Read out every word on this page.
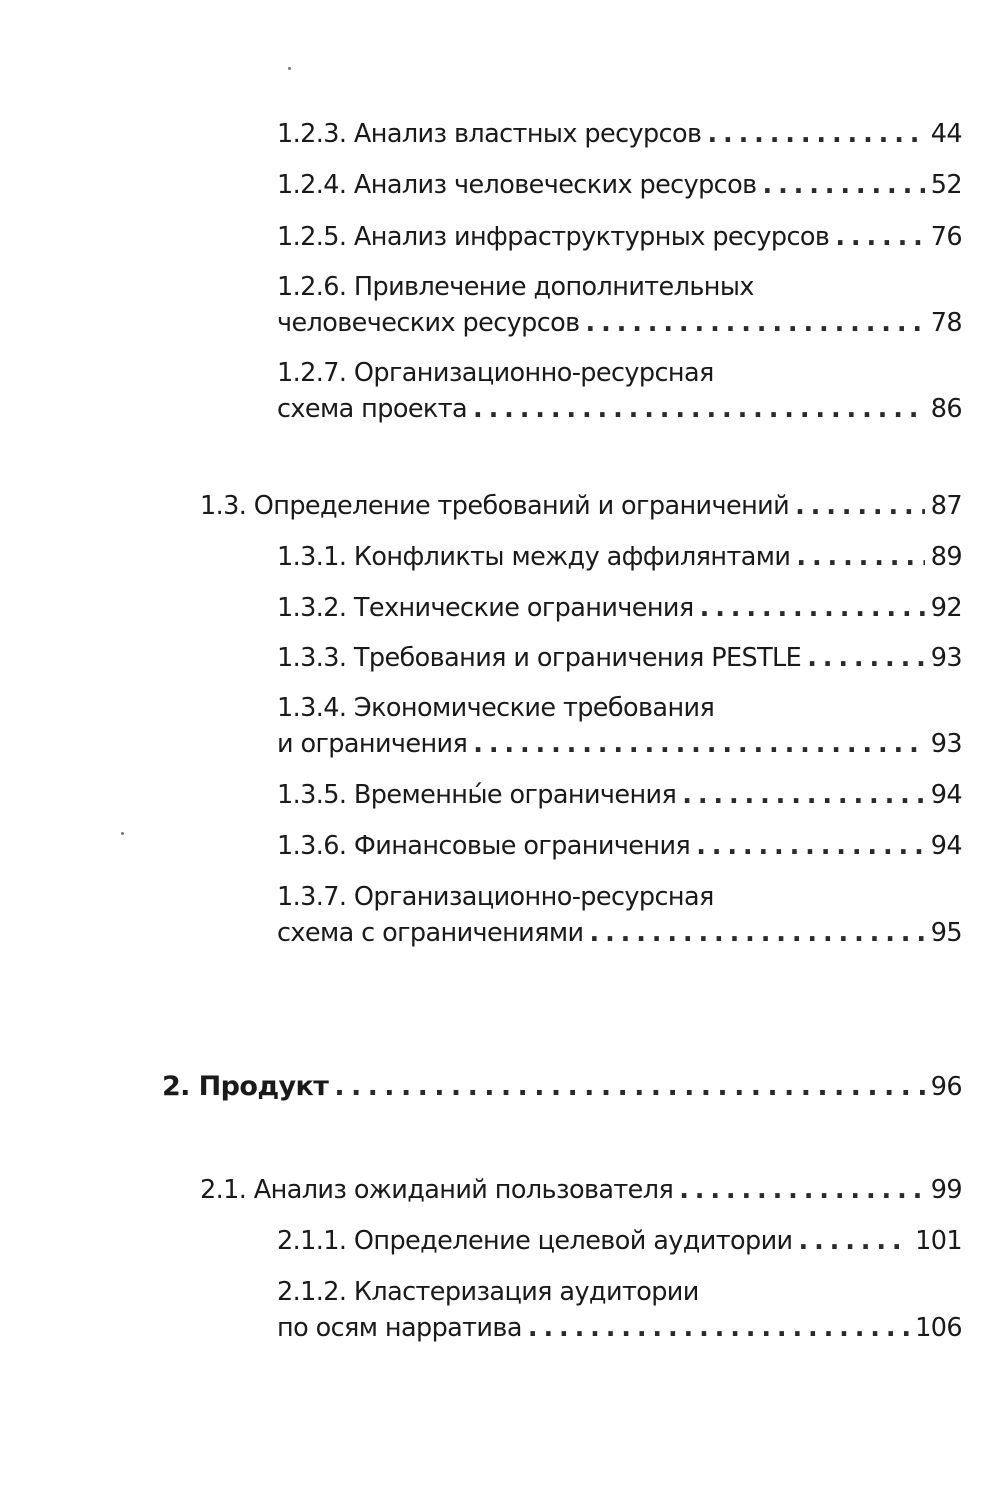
1.2.3. Анализ властных ресурсов . . .	44
1.2.4. Анализ человеческих ресурсов . . .	52
1.2.5. Анализ инфраструктурных ресурсов . . .	76
1.2.6. Привлечение дополнительных
человеческих ресурсов . . .	78
1.2.7. Организационно-ресурсная
схема проекта . . .	86
1.3. Определение требований и ограничений . . .	87
1.3.1. Конфликты между аффилянтами . . .	89
1.3.2. Технические ограничения . . .	92
1.3.3. Требования и ограничения PESTLE . . .	93
1.3.4. Экономические требования
и ограничения . . .	93
1.3.5. Временны́е ограничения . . .	94
1.3.6. Финансовые ограничения . . .	94
1.3.7. Организационно-ресурсная
схема с ограничениями . . .	95
2. Продукт . . .	96
2.1. Анализ ожиданий пользователя . . .	99
2.1.1. Определение целевой аудитории . . .	101
2.1.2. Кластеризация аудитории
по осям нарратива . . .	106
